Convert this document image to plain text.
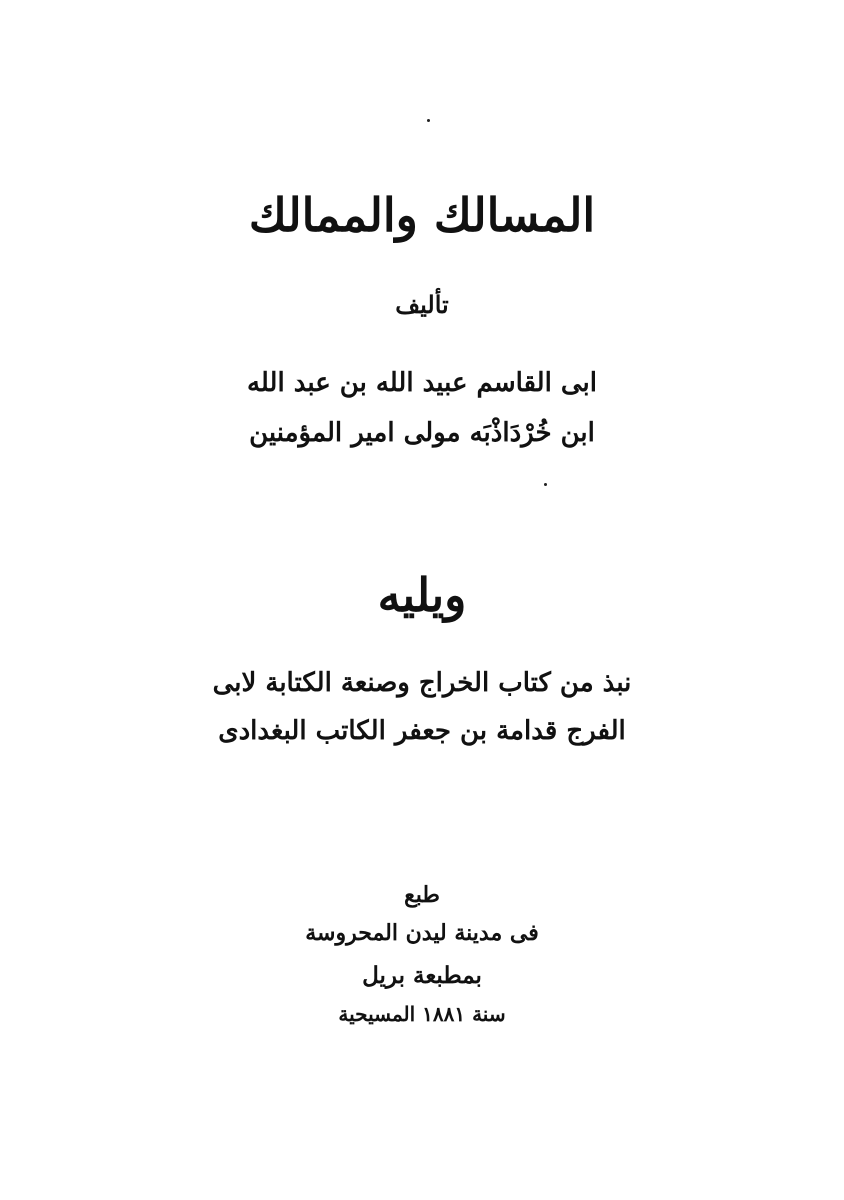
المسالك والممالك
تأليف
ابى القاسم عبيد الله بن عبد الله
ابن خُرْدَاذْبَه مولى امير المؤمنين
ويليه
نبذ من كتاب الخراج وصنعة الكتابة لابى
الفرج قدامة بن جعفر الكاتب البغدادى
طبع
فى مدينة ليدن المحروسة
بمطبعة بريل
سنة ١٨٨١ المسيحية
